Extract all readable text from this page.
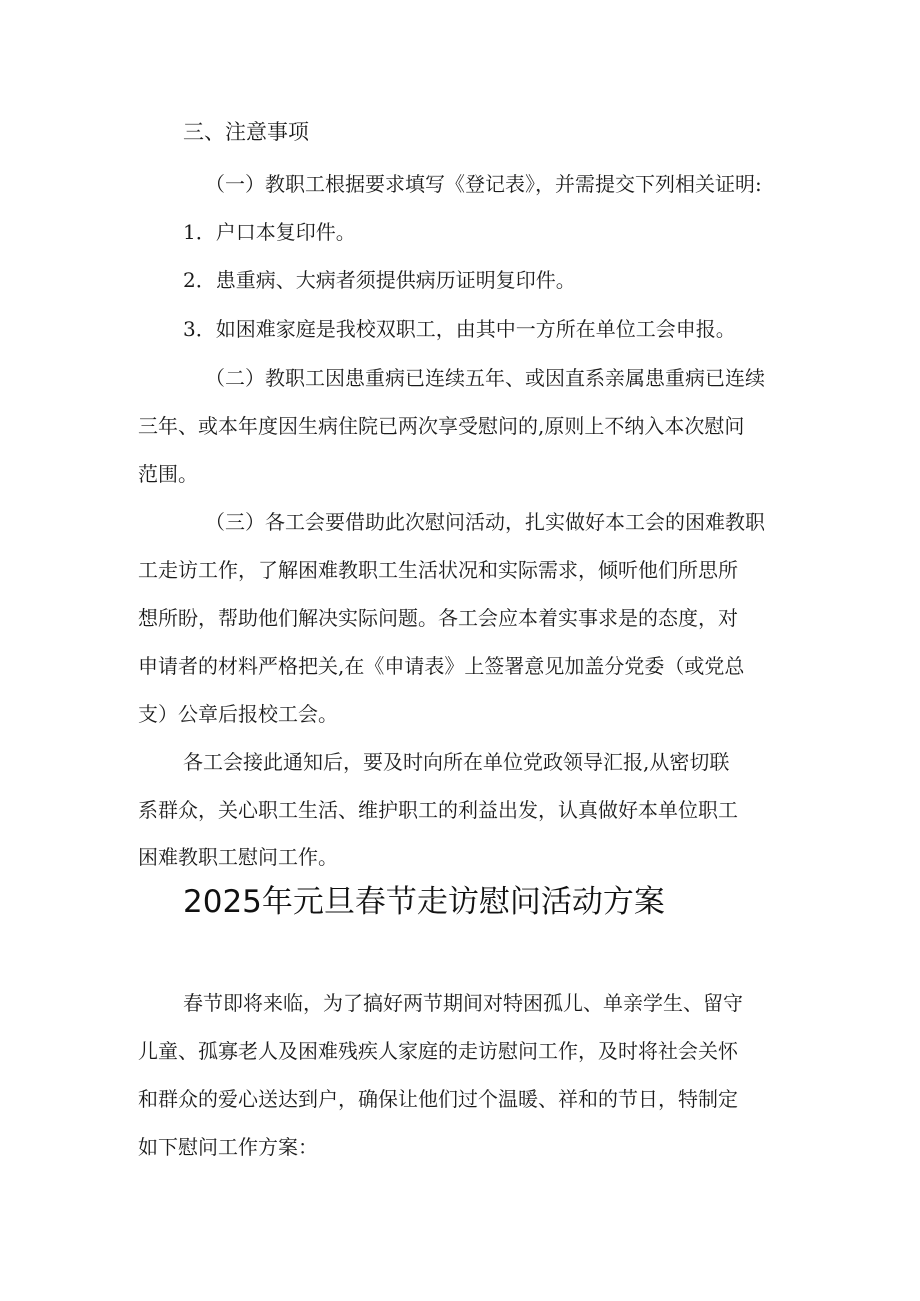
三、注意事项
（一）教职工根据要求填写《登记表》，并需提交下列相关证明:
1．户口本复印件。
2．患重病、大病者须提供病历证明复印件。
3．如困难家庭是我校双职工，由其中一方所在单位工会申报。
（二）教职工因患重病已连续五年、或因直系亲属患重病已连续
三年、或本年度因生病住院已两次享受慰问的,原则上不纳入本次慰问
范围。
（三）各工会要借助此次慰问活动，扎实做好本工会的困难教职
工走访工作，了解困难教职工生活状况和实际需求，倾听他们所思所
想所盼，帮助他们解决实际问题。各工会应本着实事求是的态度，对
申请者的材料严格把关,在《申请表》上签署意见加盖分党委（或党总
支）公章后报校工会。
各工会接此通知后，要及时向所在单位党政领导汇报,从密切联
系群众，关心职工生活、维护职工的利益出发，认真做好本单位职工
困难教职工慰问工作。
2025年元旦春节走访慰问活动方案
春节即将来临，为了搞好两节期间对特困孤儿、单亲学生、留守
儿童、孤寡老人及困难残疾人家庭的走访慰问工作，及时将社会关怀
和群众的爱心送达到户，确保让他们过个温暖、祥和的节日，特制定
如下慰问工作方案：
